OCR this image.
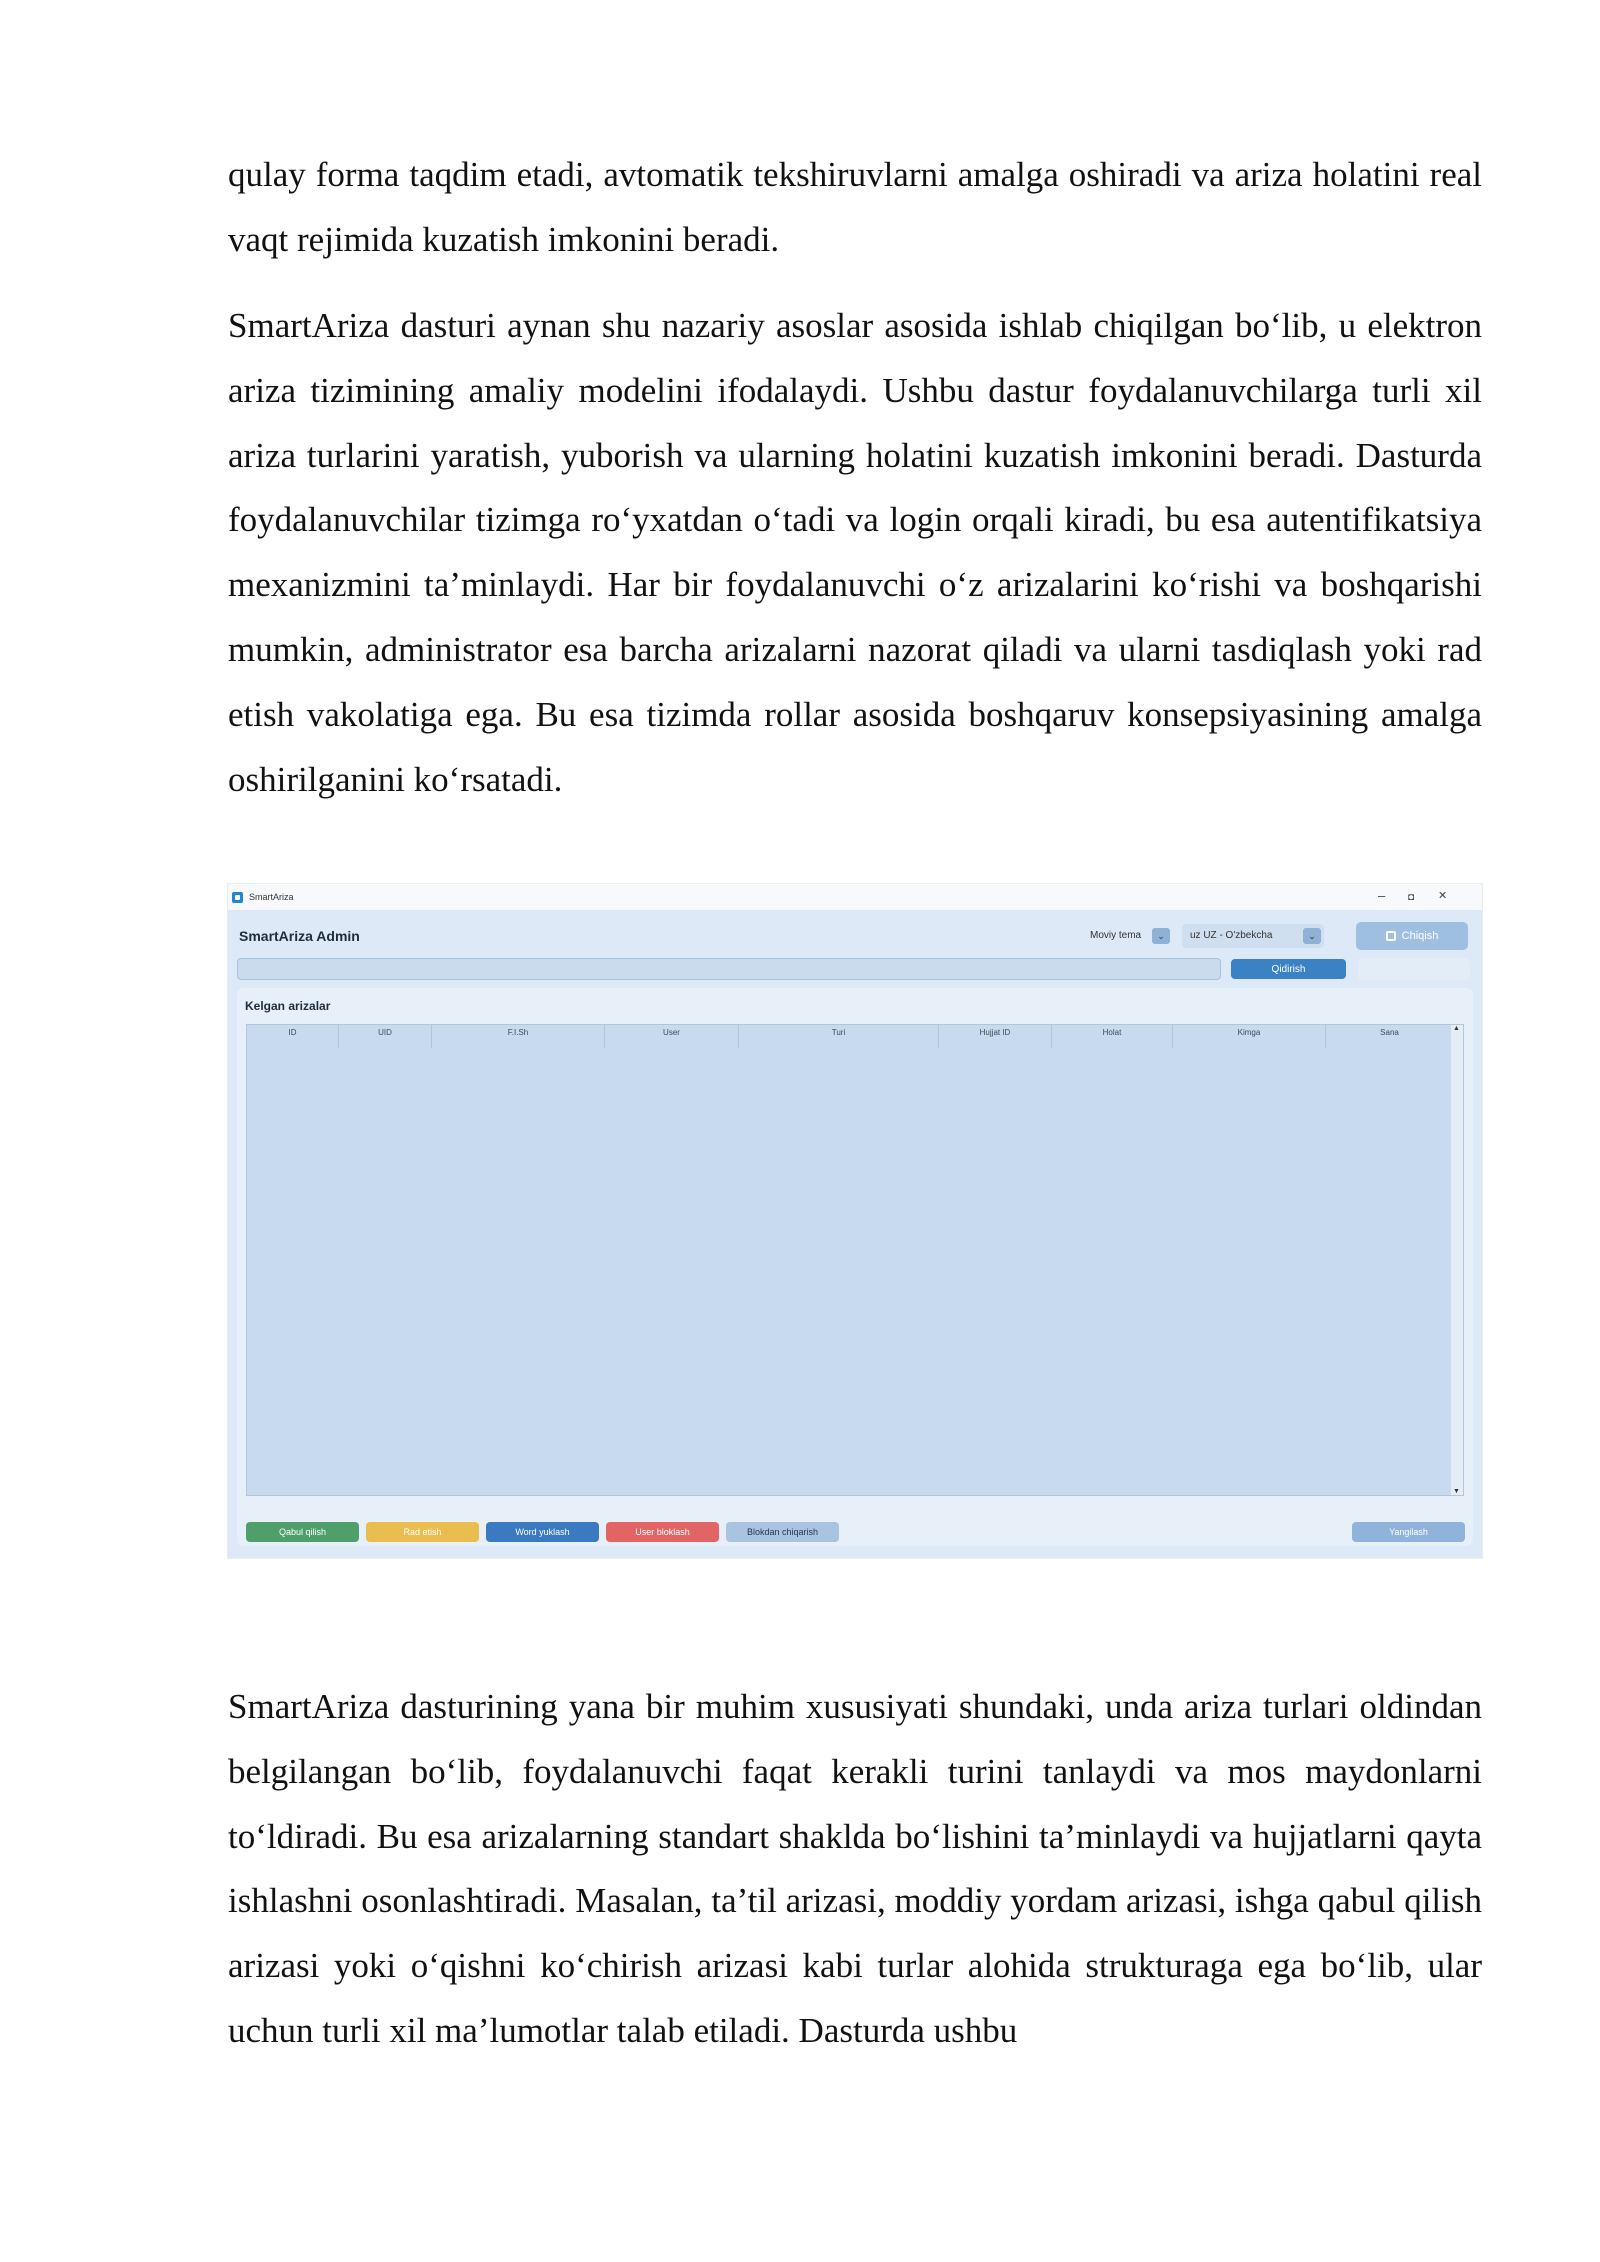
qulay forma taqdim etadi, avtomatik tekshiruvlarni amalga oshiradi va ariza holatini real vaqt rejimida kuzatish imkonini beradi.

SmartAriza dasturi aynan shu nazariy asoslar asosida ishlab chiqilgan bo‘lib, u elektron ariza tizimining amaliy modelini ifodalaydi. Ushbu dastur foydalanuvchilarga turli xil ariza turlarini yaratish, yuborish va ularning holatini kuzatish imkonini beradi. Dasturda foydalanuvchilar tizimga ro‘yxatdan o‘tadi va login orqali kiradi, bu esa autentifikatsiya mexanizmini ta’minlaydi. Har bir foydalanuvchi o‘z arizalarini ko‘rishi va boshqarishi mumkin, administrator esa barcha arizalarni nazorat qiladi va ularni tasdiqlash yoki rad etish vakolatiga ega. Bu esa tizimda rollar asosida boshqaruv konsepsiyasining amalga oshirilganini ko‘rsatadi.

SmartAriza	– ◘ ✕
SmartAriza Admin	Moviy tema	⌄	uz UZ - O'zbekcha	⌄	Chiqish
Qidirish
Kelgan arizalar
ID	UID	F.I.Sh	User	Turi	Hujjat ID	Holat	Kimga	Sana	▲
▼
Qabul qilish	Rad etish	Word yuklash	User bloklash	Blokdan chiqarish	Yangilash

SmartAriza dasturining yana bir muhim xususiyati shundaki, unda ariza turlari oldindan belgilangan bo‘lib, foydalanuvchi faqat kerakli turini tanlaydi va mos maydonlarni to‘ldiradi. Bu esa arizalarning standart shaklda bo‘lishini ta’minlaydi va hujjatlarni qayta ishlashni osonlashtiradi. Masalan, ta’til arizasi, moddiy yordam arizasi, ishga qabul qilish arizasi yoki o‘qishni ko‘chirish arizasi kabi turlar alohida strukturaga ega bo‘lib, ular uchun turli xil ma’lumotlar talab etiladi. Dasturda ushbu
